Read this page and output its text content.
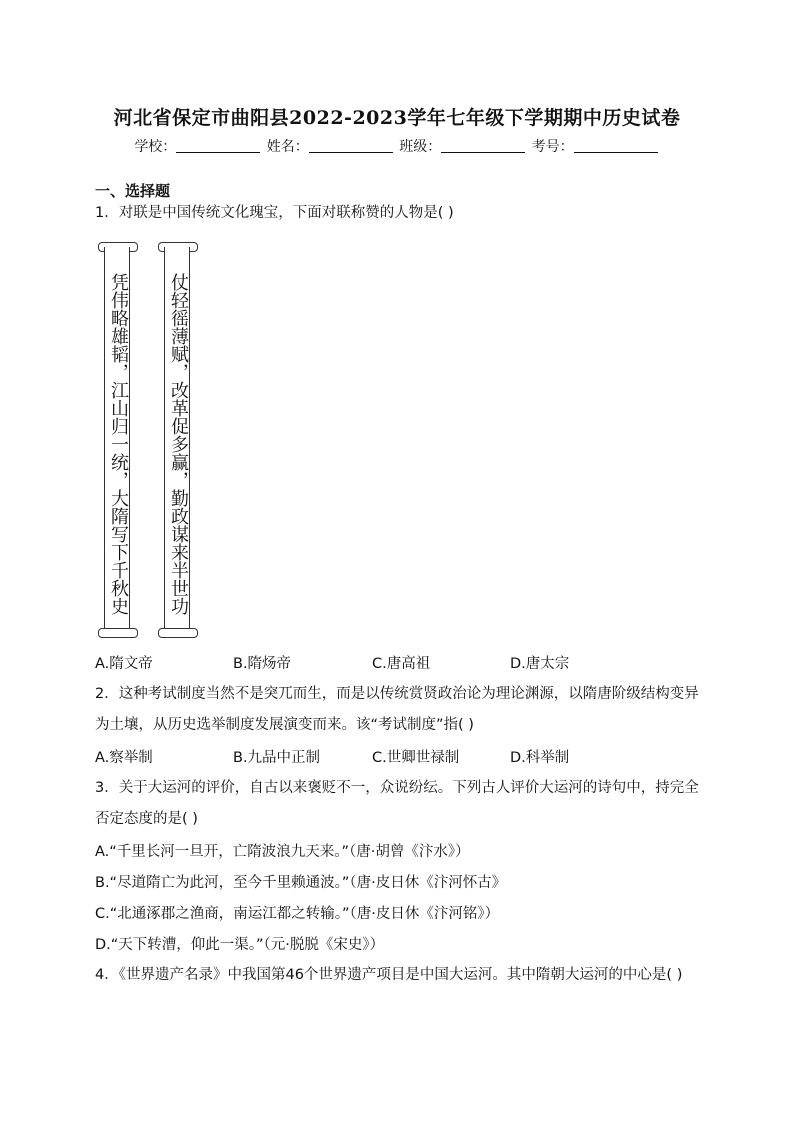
河北省保定市曲阳县2022-2023学年七年级下学期期中历史试卷
学校：	姓名：	班级：	考号：
一、选择题
1．对联是中国传统文化瑰宝，下面对联称赞的人物是( )
凭伟略雄韬，江山归一统，大隋写下千秋史 仗轻徭薄赋，改革促多赢，勤政谋来半世功
A.隋文帝	B.隋炀帝	C.唐高祖	D.唐太宗
2．这种考试制度当然不是突兀而生，而是以传统赏贤政治论为理论渊源，以隋唐阶级结构变异为土壤，从历史选举制度发展演变而来。该“考试制度”指( )
A.察举制	B.九品中正制	C.世卿世禄制	D.科举制
3．关于大运河的评价，自古以来褒贬不一，众说纷纭。下列古人评价大运河的诗句中，持完全否定态度的是( )
A.“千里长河一旦开，亡隋波浪九天来。”（唐·胡曾《汴水》）
B.“尽道隋亡为此河，至今千里赖通波。”（唐·皮日休《汴河怀古》
C.“北通涿郡之渔商，南运江都之转输。”（唐·皮日休《汴河铭》）
D.“天下转漕，仰此一渠。”（元·脱脱《宋史》）
4．《世界遗产名录》中我国第46个世界遗产项目是中国大运河。其中隋朝大运河的中心是( )
